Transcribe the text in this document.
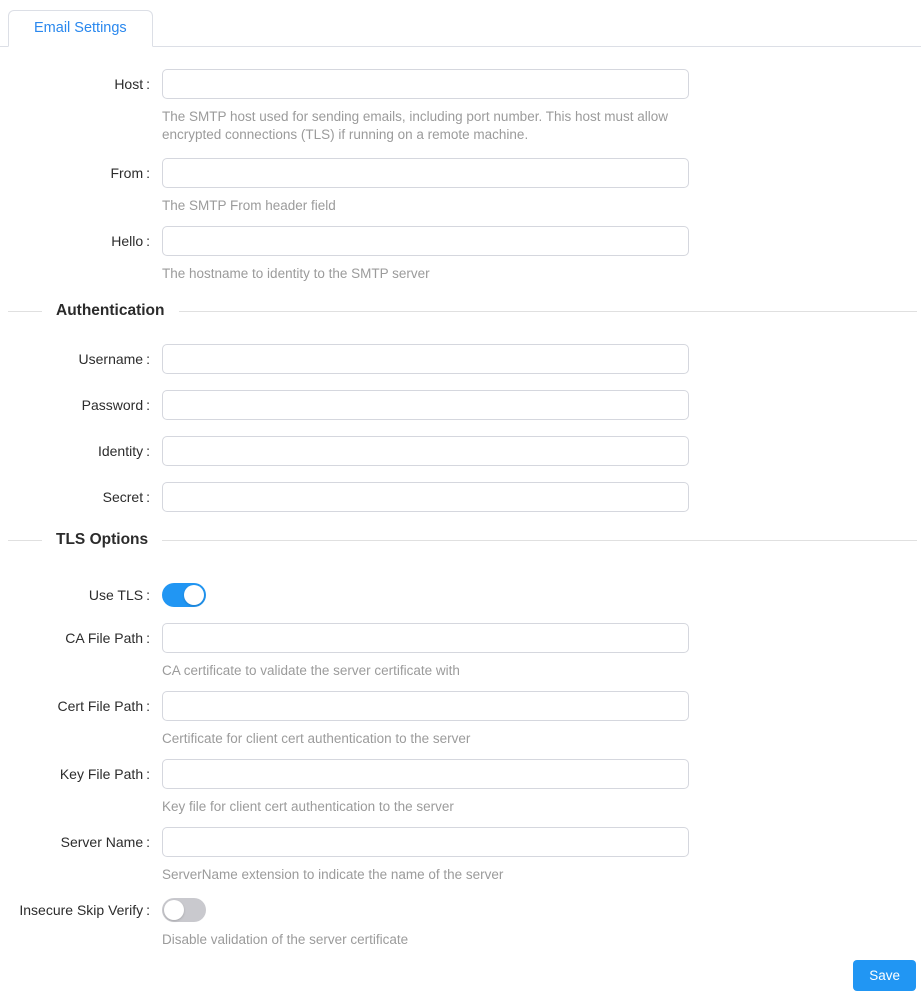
Email Settings
Host :
The SMTP host used for sending emails, including port number. This host must allow encrypted connections (TLS) if running on a remote machine.
From :
The SMTP From header field
Hello :
The hostname to identity to the SMTP server
Authentication
Username :
Password :
Identity :
Secret :
TLS Options
Use TLS :
CA File Path :
CA certificate to validate the server certificate with
Cert File Path :
Certificate for client cert authentication to the server
Key File Path :
Key file for client cert authentication to the server
Server Name :
ServerName extension to indicate the name of the server
Insecure Skip Verify :
Disable validation of the server certificate
Save
